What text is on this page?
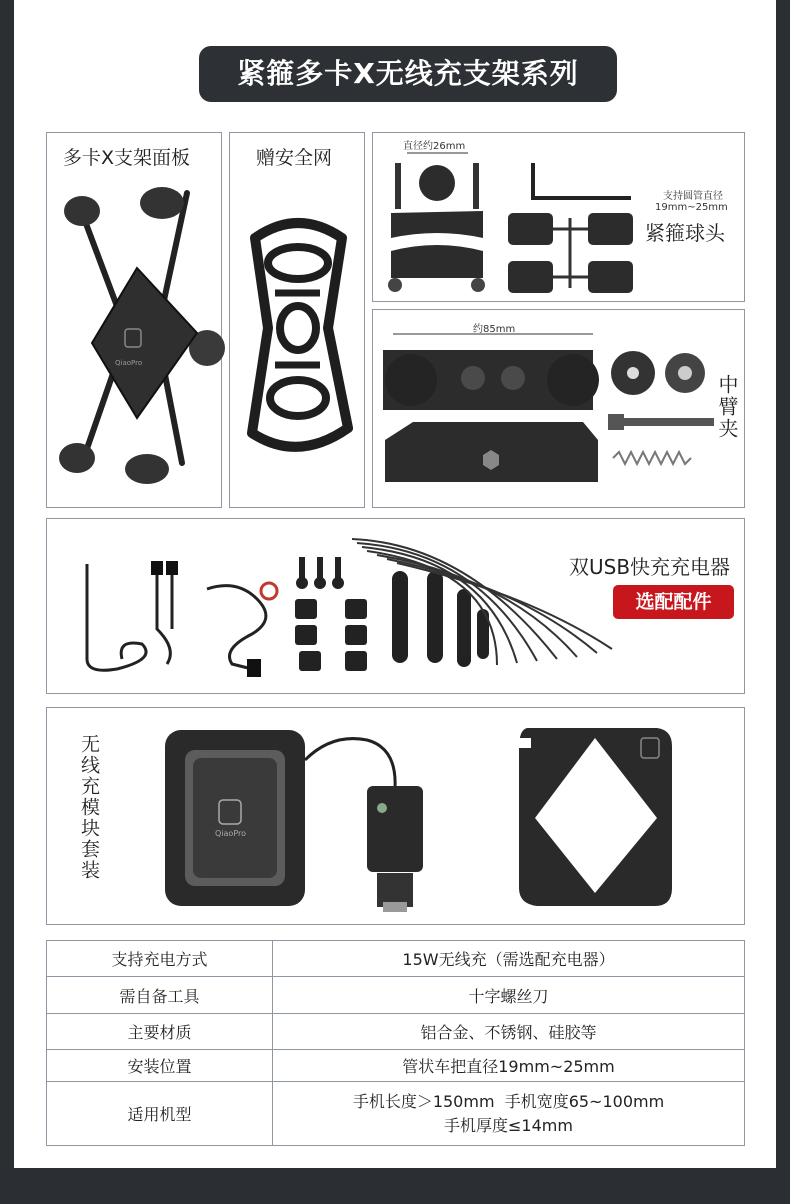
紧箍多卡X无线充支架系列
多卡X支架面板
QiaoPro
赠安全网
直径约26mm
支持圆管直径
19mm~25mm
紧箍球头
约85mm
中臂夹
双USB快充充电器
选配配件
无线充模块套装	QiaoPro
支持充电方式	15W无线充（需选配充电器）
需自备工具	十字螺丝刀
主要材质	铝合金、不锈钢、硅胶等
安装位置	管状车把直径19mm~25mm
适用机型	手机长度＞150mm  手机宽度65~100mm
手机厚度≤14mm
